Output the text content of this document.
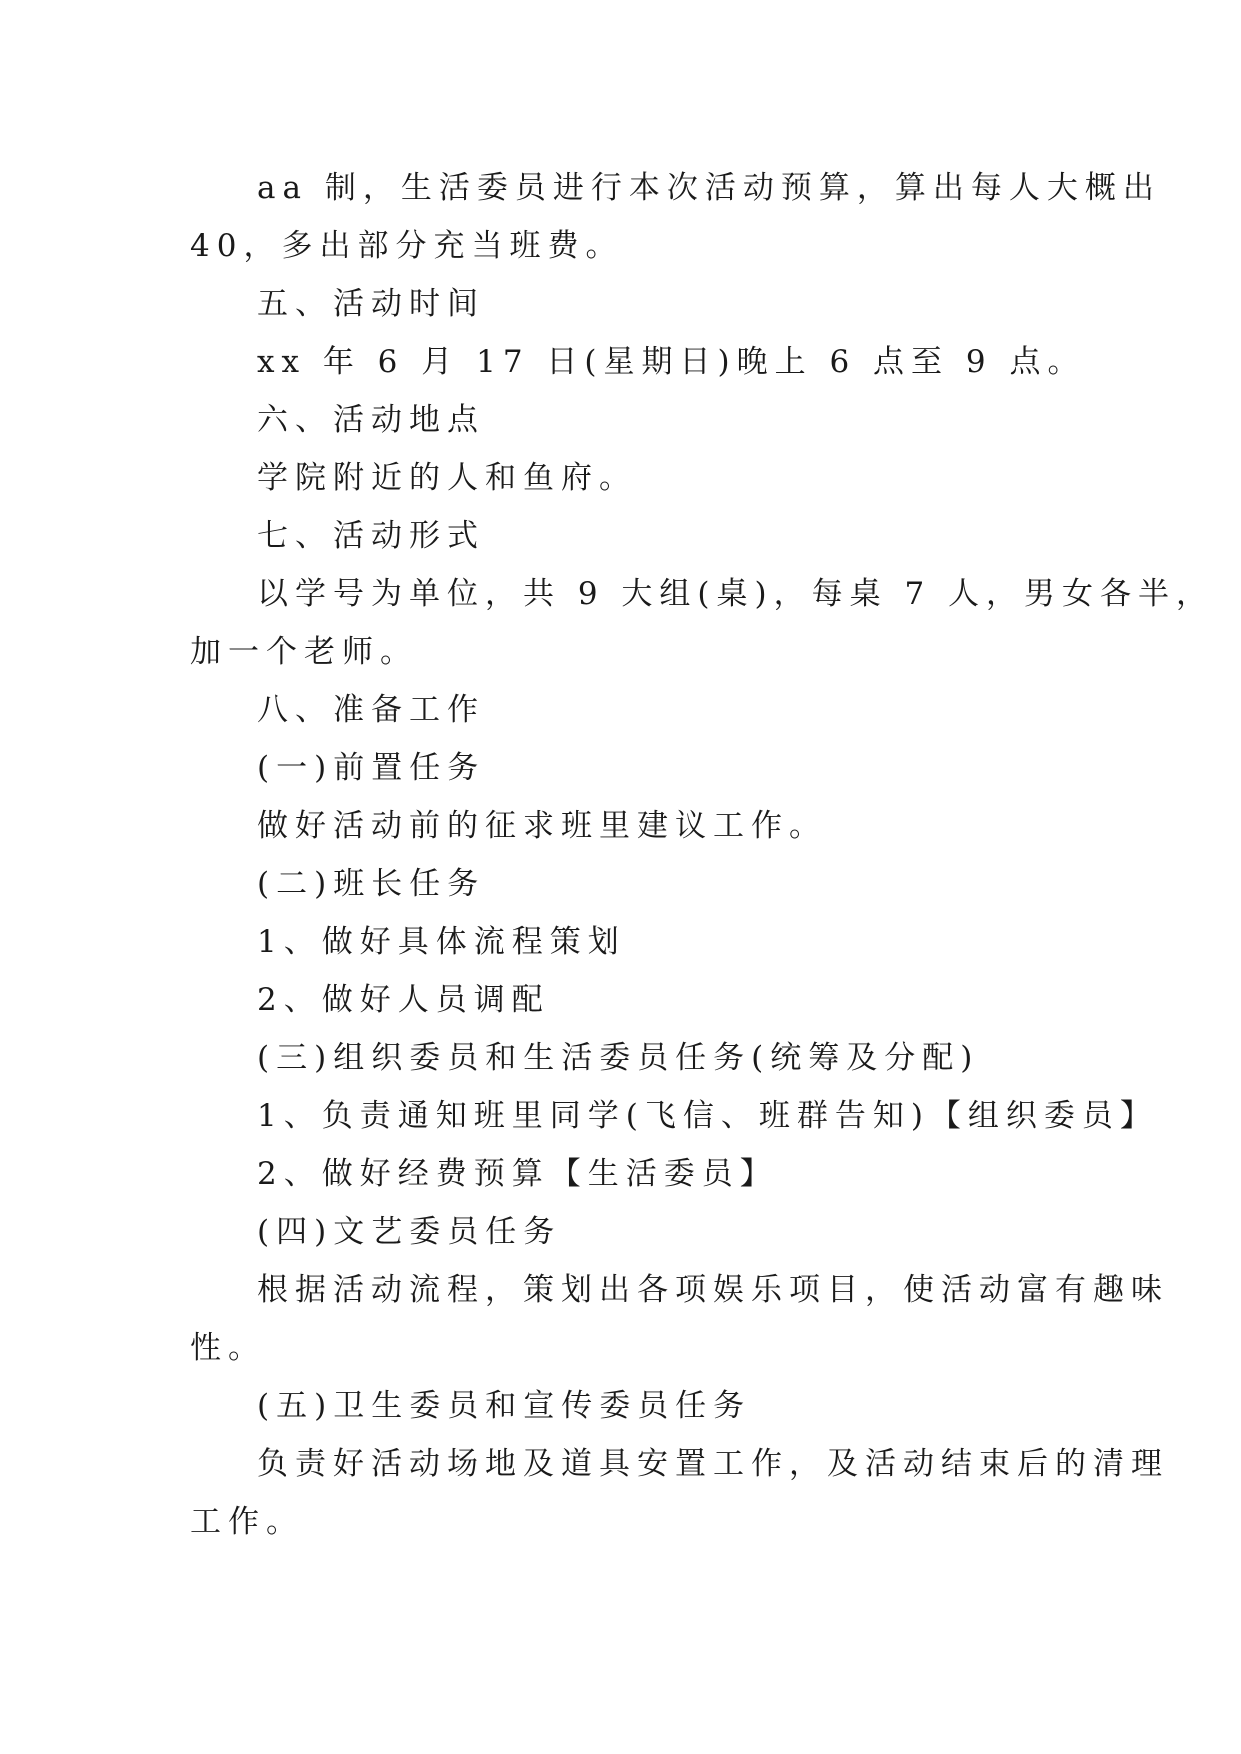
aa 制，生活委员进行本次活动预算，算出每人大概出
40，多出部分充当班费。
五、活动时间
xx 年 6 月 17 日(星期日)晚上 6 点至 9 点。
六、活动地点
学院附近的人和鱼府。
七、活动形式
以学号为单位，共 9 大组(桌)，每桌 7 人，男女各半，
加一个老师。
八、准备工作
(一)前置任务
做好活动前的征求班里建议工作。
(二)班长任务
1、做好具体流程策划
2、做好人员调配
(三)组织委员和生活委员任务(统筹及分配)
1、负责通知班里同学(飞信、班群告知)【组织委员】
2、做好经费预算【生活委员】
(四)文艺委员任务
根据活动流程，策划出各项娱乐项目，使活动富有趣味
性。
(五)卫生委员和宣传委员任务
负责好活动场地及道具安置工作，及活动结束后的清理
工作。
